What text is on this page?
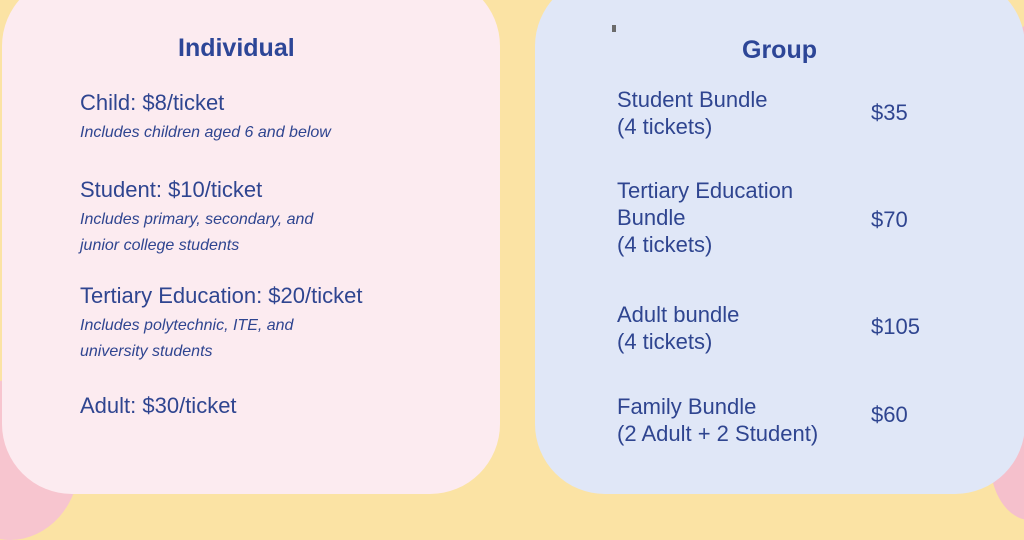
Individual
Child: $8/ticket
Includes children aged 6 and below
Student: $10/ticket
Includes primary, secondary, and
junior college students
Tertiary Education: $20/ticket
Includes polytechnic, ITE, and
university students
Adult: $30/ticket
Group
Student Bundle
(4 tickets)
$35
Tertiary Education
Bundle
(4 tickets)
$70
Adult bundle
(4 tickets)
$105
Family Bundle
(2 Adult + 2 Student)
$60
